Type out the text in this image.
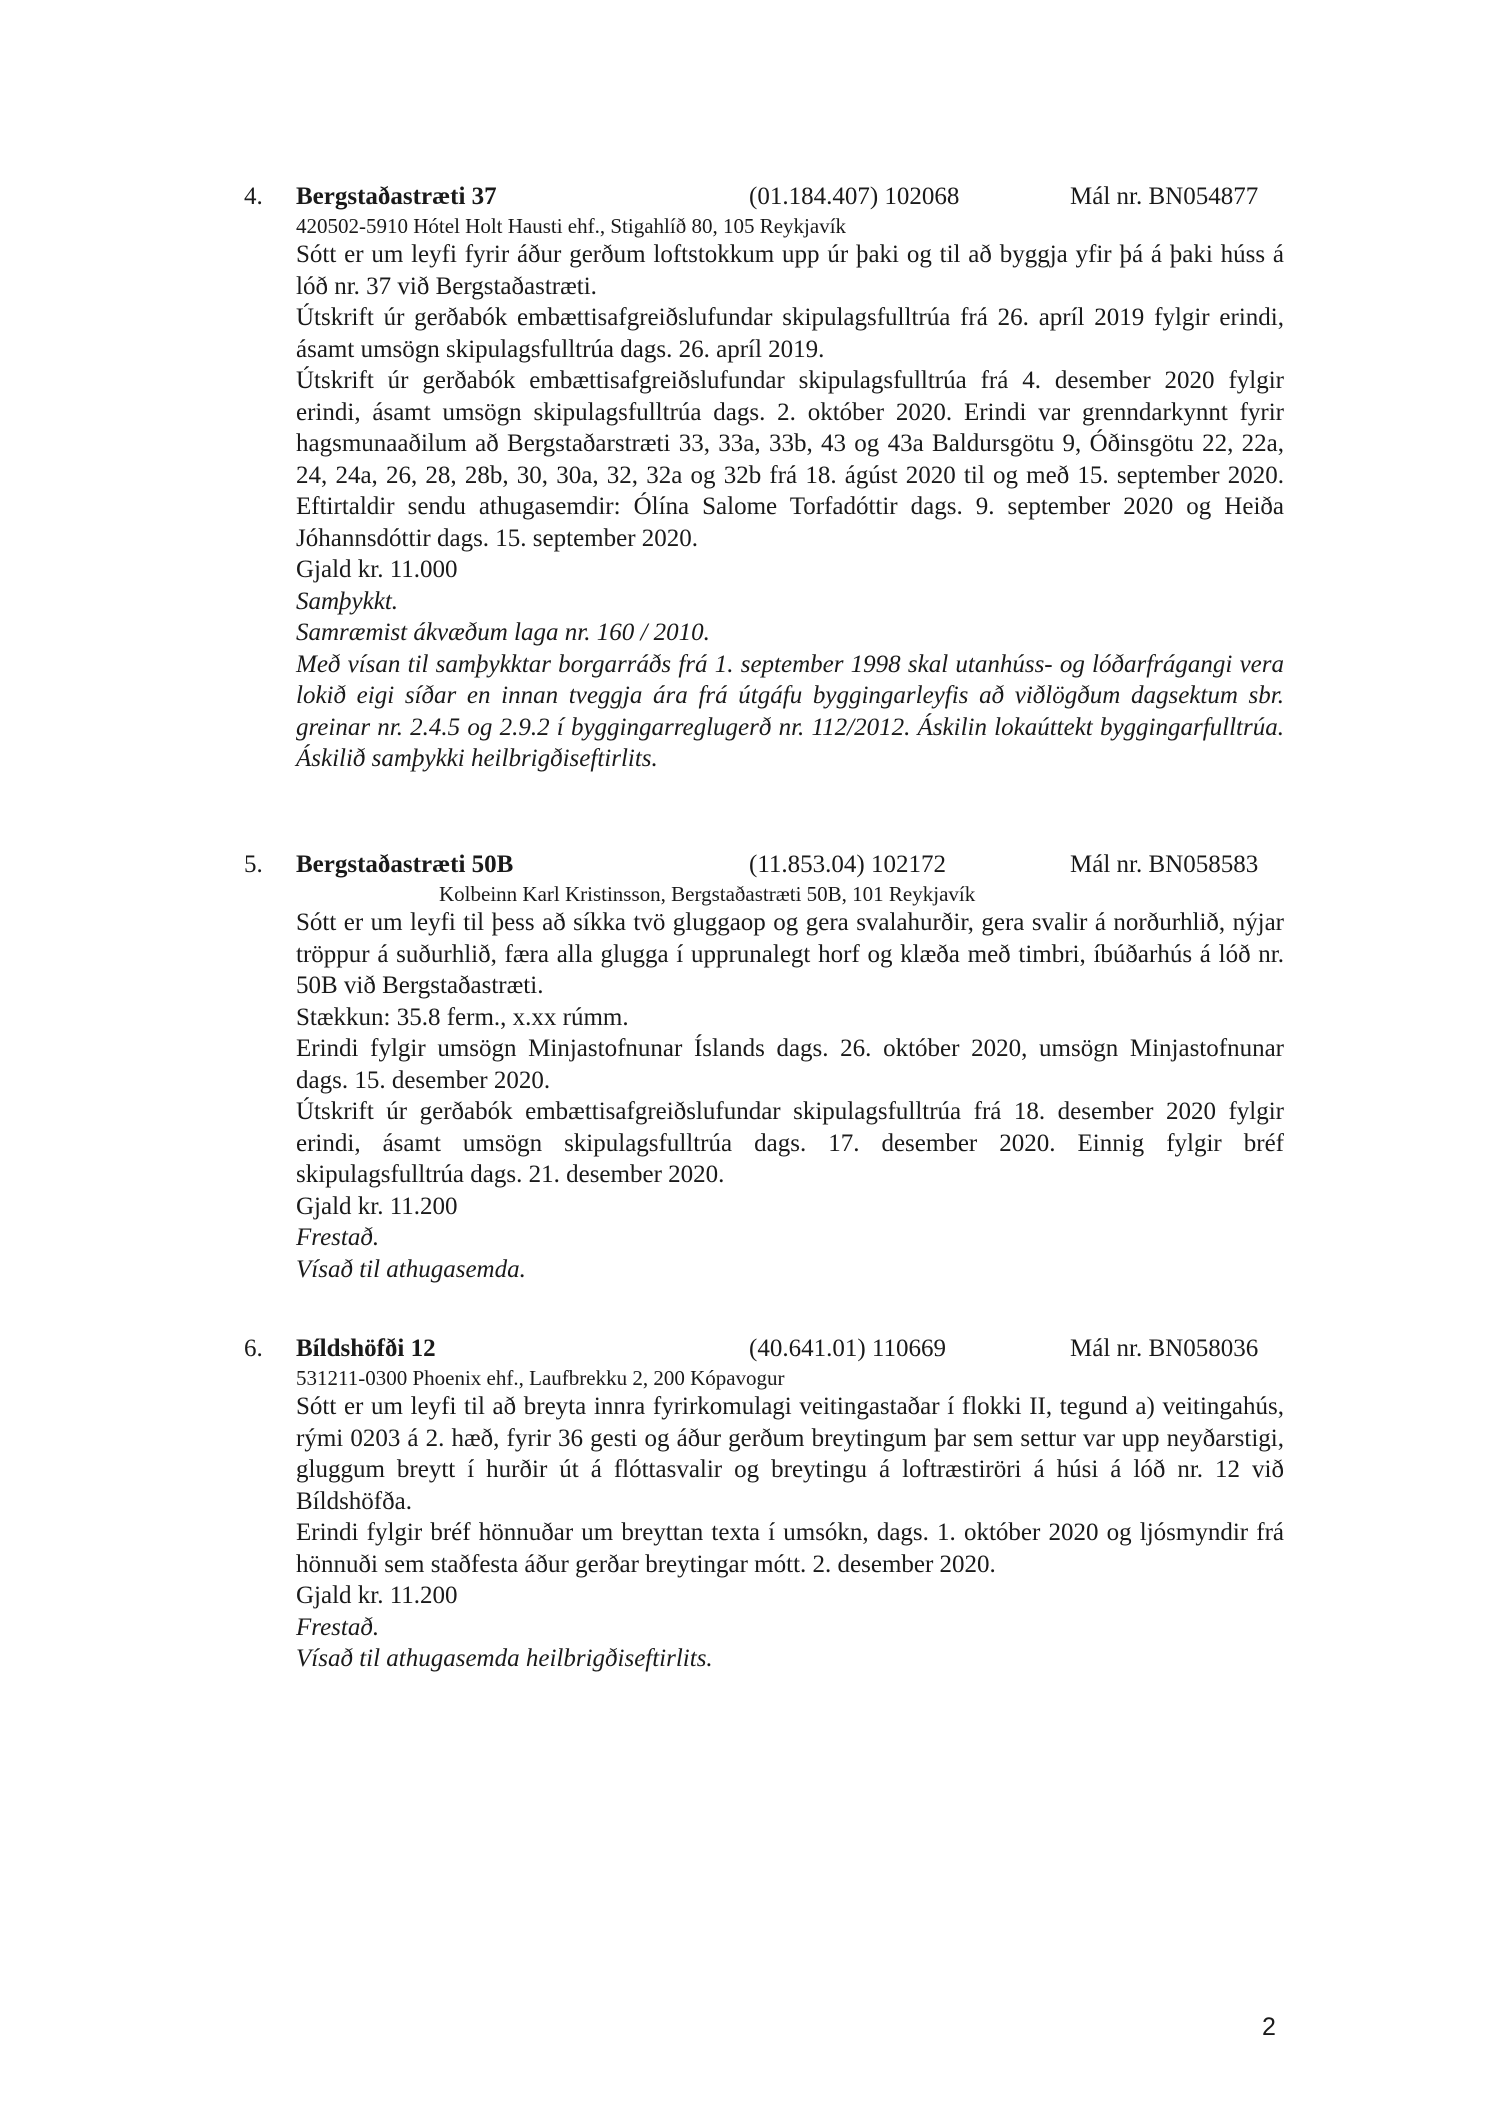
4. Bergstaðastræti 37	(01.184.407) 102068	Mál nr. BN054877
420502-5910 Hótel Holt Hausti ehf., Stigahlíð 80, 105 Reykjavík

Sótt er um leyfi fyrir áður gerðum loftstokkum upp úr þaki og til að byggja yfir þá á þaki húss á lóð nr. 37 við Bergstaðastræti.

Útskrift úr gerðabók embættisafgreiðslufundar skipulagsfulltrúa frá 26. apríl 2019 fylgir erindi, ásamt umsögn skipulagsfulltrúa dags. 26. apríl 2019.

Útskrift úr gerðabók embættisafgreiðslufundar skipulagsfulltrúa frá 4. desember 2020 fylgir erindi, ásamt umsögn skipulagsfulltrúa dags. 2. október 2020. Erindi var grenndarkynnt fyrir hagsmunaaðilum að Bergstaðarstræti 33, 33a, 33b, 43 og 43a Baldursgötu 9, Óðinsgötu 22, 22a, 24, 24a, 26, 28, 28b, 30, 30a, 32, 32a og 32b frá 18. ágúst 2020 til og með 15. september 2020. Eftirtaldir sendu athugasemdir: Ólína Salome Torfadóttir dags. 9. september 2020 og Heiða Jóhannsdóttir dags. 15. september 2020.

Gjald kr. 11.000

Samþykkt.

Samræmist ákvæðum laga nr. 160 / 2010.

Með vísan til samþykktar borgarráðs frá 1. september 1998 skal utanhúss- og lóðarfrágangi vera lokið eigi síðar en innan tveggja ára frá útgáfu byggingarleyfis að viðlögðum dagsektum sbr. greinar nr. 2.4.5 og 2.9.2 í byggingarreglugerð nr. 112/2012. Áskilin lokaúttekt byggingarfulltrúa. Áskilið samþykki heilbrigðiseftirlits.

5. Bergstaðastræti 50B	(11.853.04) 102172	Mál nr. BN058583
Kolbeinn Karl Kristinsson, Bergstaðastræti 50B, 101 Reykjavík

Sótt er um leyfi til þess að síkka tvö gluggaop og gera svalahurðir, gera svalir á norðurhlið, nýjar tröppur á suðurhlið, færa alla glugga í upprunalegt horf og klæða með timbri, íbúðarhús á lóð nr. 50B við Bergstaðastræti.

Stækkun: 35.8 ferm., x.xx rúmm.

Erindi fylgir umsögn Minjastofnunar Íslands dags. 26. október 2020, umsögn Minjastofnunar dags. 15. desember 2020.

Útskrift úr gerðabók embættisafgreiðslufundar skipulagsfulltrúa frá 18. desember 2020 fylgir erindi, ásamt umsögn skipulagsfulltrúa dags. 17. desember 2020. Einnig fylgir bréf skipulagsfulltrúa dags. 21. desember 2020.

Gjald kr. 11.200

Frestað.

Vísað til athugasemda.

6. Bíldshöfði 12	(40.641.01) 110669	Mál nr. BN058036
531211-0300 Phoenix ehf., Laufbrekku 2, 200 Kópavogur

Sótt er um leyfi til að breyta innra fyrirkomulagi veitingastaðar í flokki II, tegund a) veitingahús, rými 0203 á 2. hæð, fyrir 36 gesti og áður gerðum breytingum þar sem settur var upp neyðarstigi, gluggum breytt í hurðir út á flóttasvalir og breytingu á loftræstiröri á húsi á lóð nr. 12 við Bíldshöfða.

Erindi fylgir bréf hönnuðar um breyttan texta í umsókn, dags. 1. október 2020 og ljósmyndir frá hönnuði sem staðfesta áður gerðar breytingar mótt. 2. desember 2020.

Gjald kr. 11.200

Frestað.

Vísað til athugasemda heilbrigðiseftirlits.

2
